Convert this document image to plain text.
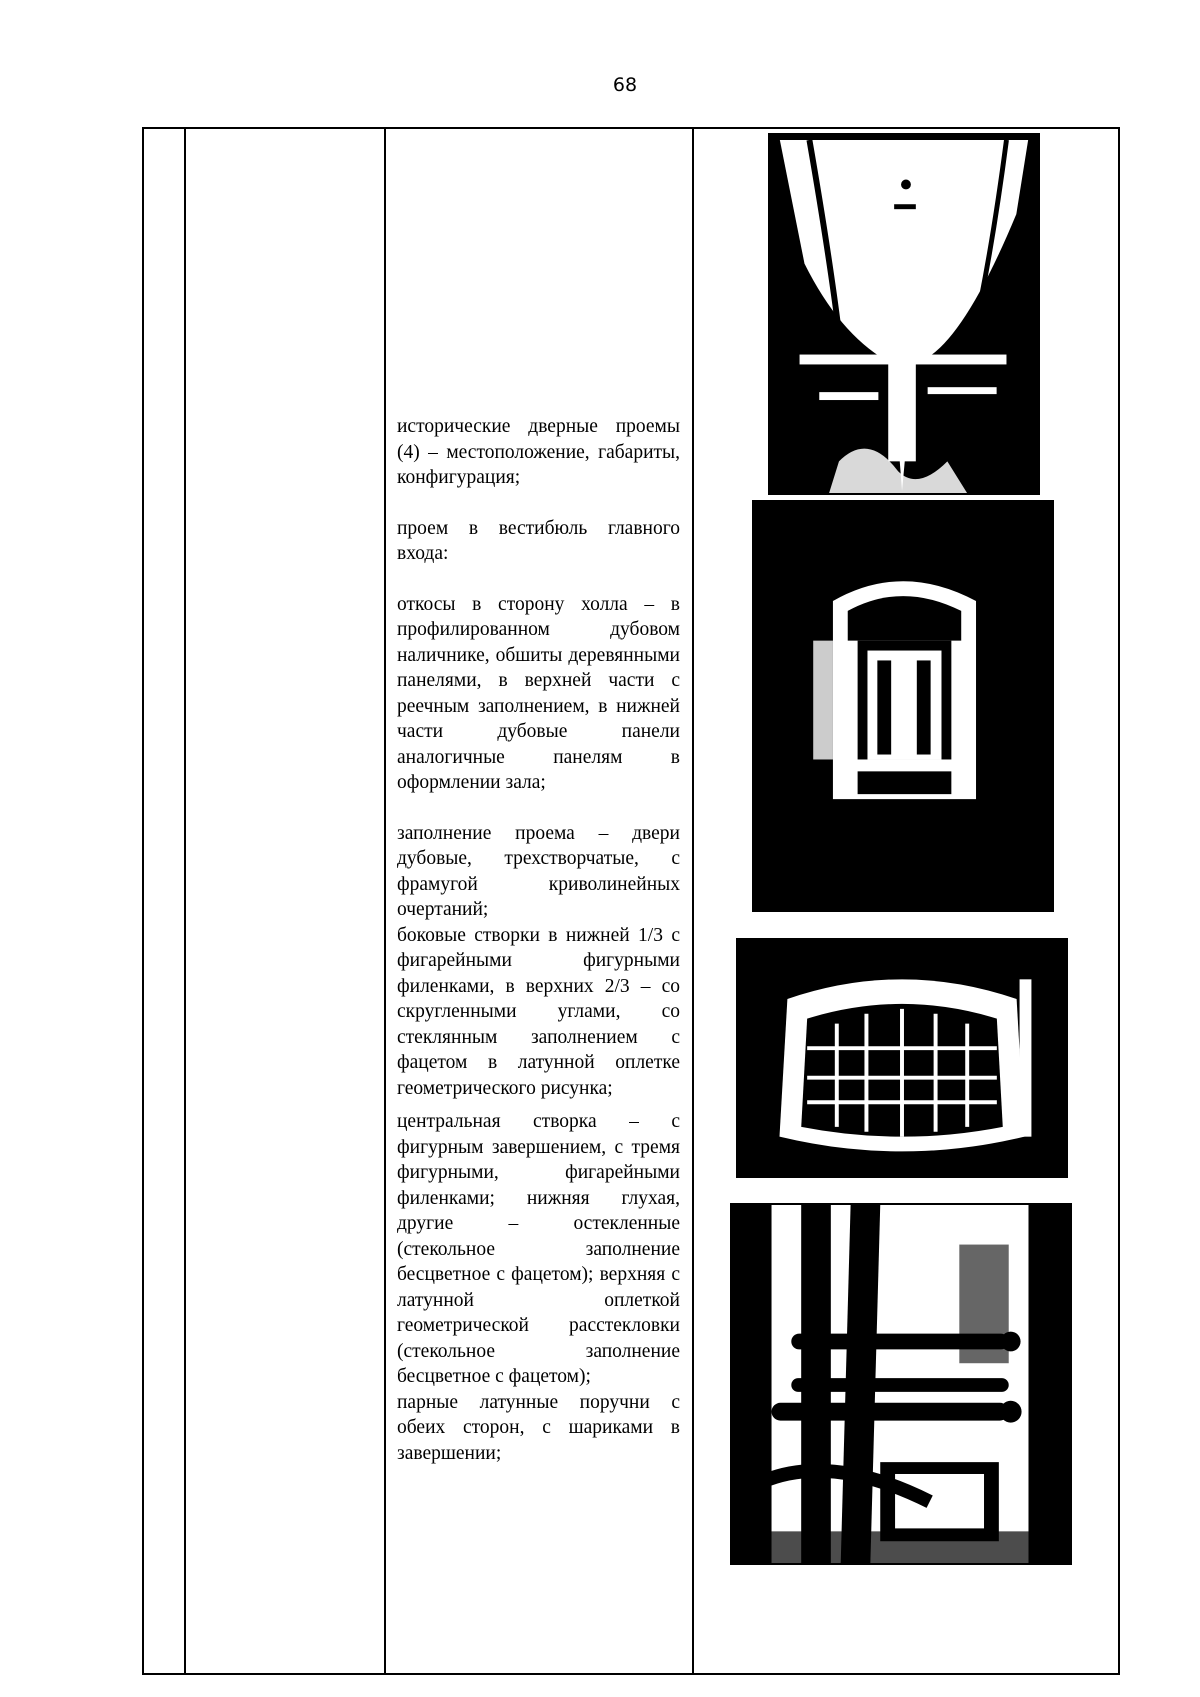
68

исторические дверные проемы (4) – местоположение, габариты, конфигурация;

проем в вестибюль главного входа:

откосы в сторону холла – в профилированном дубовом наличнике, обшиты деревянными панелями, в верхней части с реечным заполнением, в нижней части дубовые панели аналогичные панелям в оформлении зала;

заполнение проема – двери дубовые, трехстворчатые, с фрамугой криволинейных очертаний;

боковые створки в нижней 1/3 с фигарейными фигурными филенками, в верхних 2/3 – со скругленными углами, со стеклянным заполнением с фацетом в латунной оплетке геометрического рисунка;

центральная створка – с фигурным завершением, с тремя фигурными, фигарейными филенками; нижняя глухая, другие – остекленные (стекольное заполнение бесцветное с фацетом); верхняя с латунной оплеткой геометрической расстекловки (стекольное заполнение бесцветное с фацетом);

парные латунные поручни с обеих сторон, с шариками в завершении;
